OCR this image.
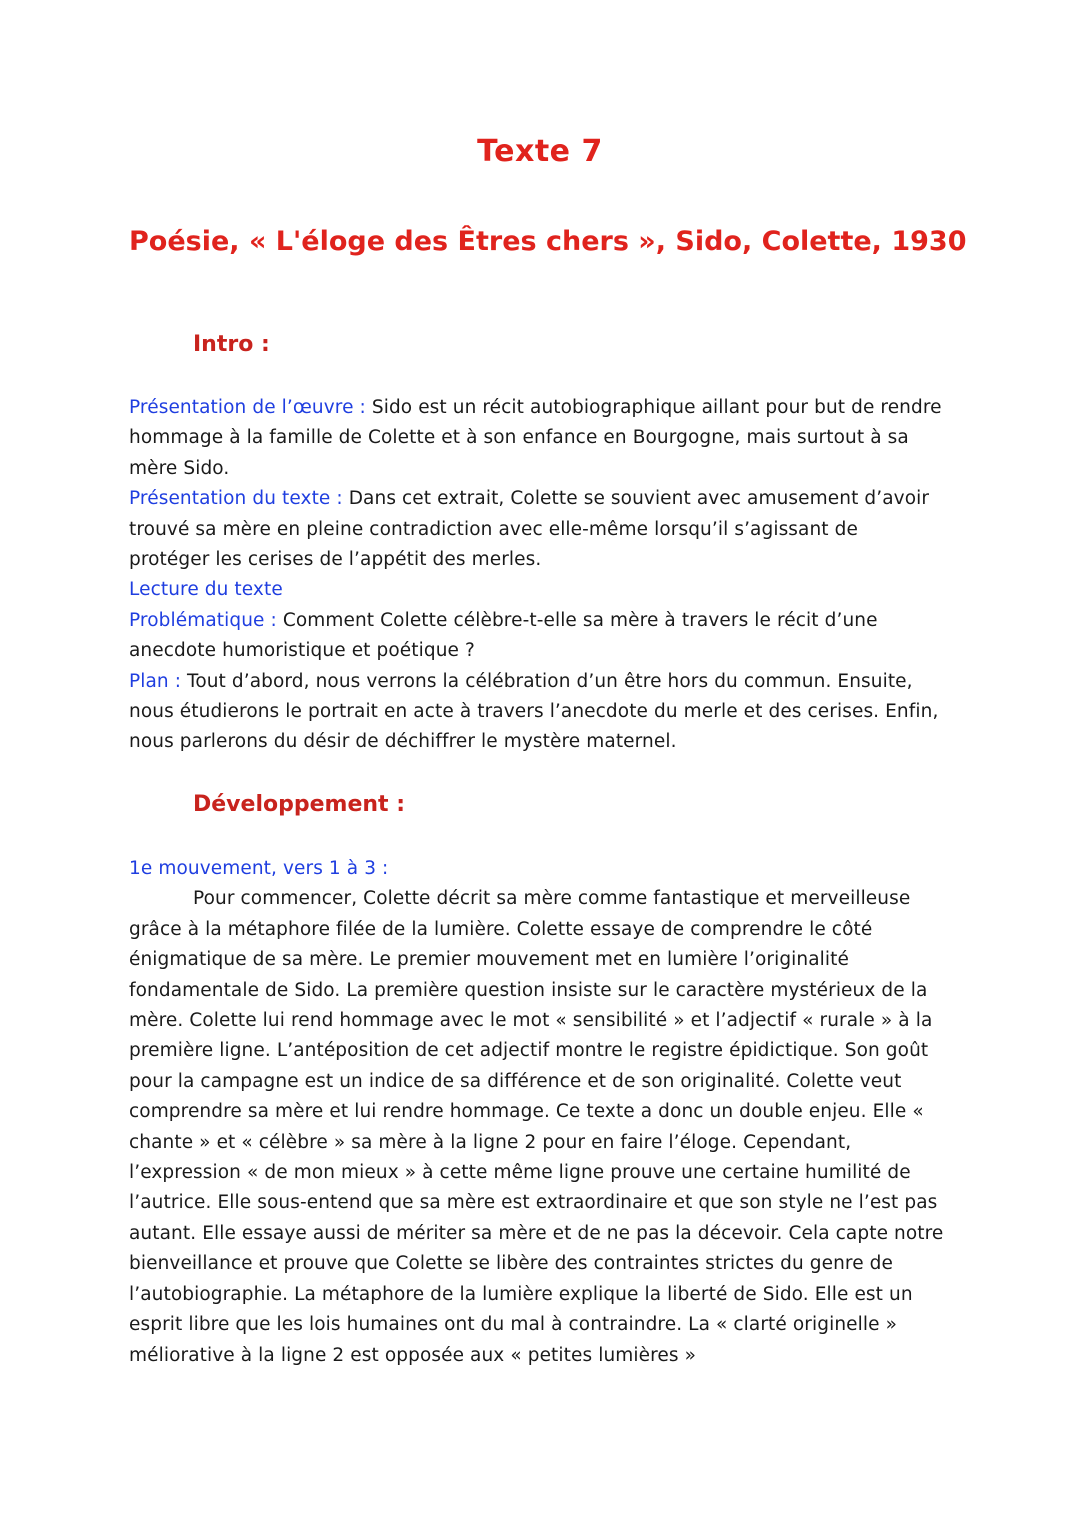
Texte 7
Poésie, « L'éloge des Êtres chers », Sido, Colette, 1930
Intro :

Présentation de l’œuvre : Sido est un récit autobiographique aillant pour but de rendre hommage à la famille de Colette et à son enfance en Bourgogne, mais surtout à sa mère Sido.

Présentation du texte : Dans cet extrait, Colette se souvient avec amusement d’avoir trouvé sa mère en pleine contradiction avec elle-même lorsqu’il s’agissant de protéger les cerises de l’appétit des merles.

Lecture du texte

Problématique : Comment Colette célèbre-t-elle sa mère à travers le récit d’une anecdote humoristique et poétique ?

Plan : Tout d’abord, nous verrons la célébration d’un être hors du commun. Ensuite, nous étudierons le portrait en acte à travers l’anecdote du merle et des cerises. Enfin, nous parlerons du désir de déchiffrer le mystère maternel.

Développement :

1e mouvement, vers 1 à 3 :

Pour commencer, Colette décrit sa mère comme fantastique et merveilleuse grâce à la métaphore filée de la lumière. Colette essaye de comprendre le côté énigmatique de sa mère. Le premier mouvement met en lumière l’originalité fondamentale de Sido. La première question insiste sur le caractère mystérieux de la mère. Colette lui rend hommage avec le mot « sensibilité » et l’adjectif « rurale » à la première ligne. L’antéposition de cet adjectif montre le registre épidictique. Son goût pour la campagne est un indice de sa différence et de son originalité. Colette veut comprendre sa mère et lui rendre hommage. Ce texte a donc un double enjeu. Elle « chante » et « célèbre » sa mère à la ligne 2 pour en faire l’éloge. Cependant, l’expression « de mon mieux » à cette même ligne prouve une certaine humilité de l’autrice. Elle sous-entend que sa mère est extraordinaire et que son style ne l’est pas autant. Elle essaye aussi de mériter sa mère et de ne pas la décevoir. Cela capte notre bienveillance et prouve que Colette se libère des contraintes strictes du genre de l’autobiographie. La métaphore de la lumière explique la liberté de Sido. Elle est un esprit libre que les lois humaines ont du mal à contraindre. La « clarté originelle » méliorative à la ligne 2 est opposée aux « petites lumières »
